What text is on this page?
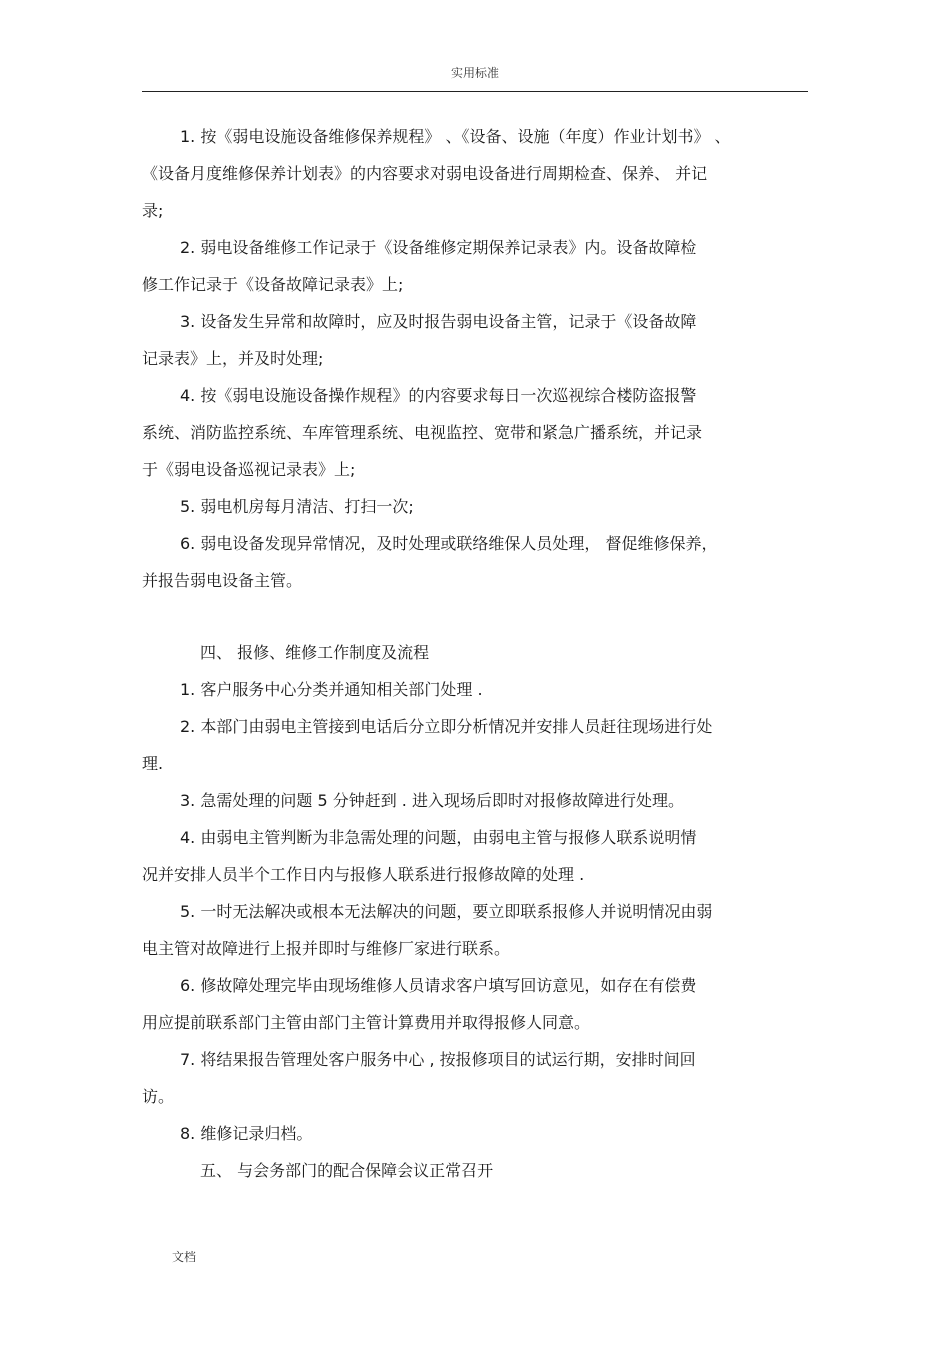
实用标准
1. 按《弱电设施设备维修保养规程》 、《设备、设施（年度）作业计划书》 、
《设备月度维修保养计划表》的内容要求对弱电设备进行周期检查、保养、 并记
录;
2. 弱电设备维修工作记录于《设备维修定期保养记录表》内。设备故障检
修工作记录于《设备故障记录表》上;
3. 设备发生异常和故障时，应及时报告弱电设备主管，记录于《设备故障
记录表》上，并及时处理;
4. 按《弱电设施设备操作规程》的内容要求每日一次巡视综合楼防盗报警
系统、消防监控系统、车库管理系统、电视监控、宽带和紧急广播系统，并记录
于《弱电设备巡视记录表》上;
5. 弱电机房每月清洁、打扫一次;
6. 弱电设备发现异常情况，及时处理或联络维保人员处理， 督促维修保养，
并报告弱电设备主管。
四、 报修、维修工作制度及流程
1. 客户服务中心分类并通知相关部门处理 .
2. 本部门由弱电主管接到电话后分立即分析情况并安排人员赶往现场进行处
理.
3. 急需处理的问题 5 分钟赶到 . 进入现场后即时对报修故障进行处理。
4. 由弱电主管判断为非急需处理的问题，由弱电主管与报修人联系说明情
况并安排人员半个工作日内与报修人联系进行报修故障的处理 .
5. 一时无法解决或根本无法解决的问题，要立即联系报修人并说明情况由弱
电主管对故障进行上报并即时与维修厂家进行联系。
6. 修故障处理完毕由现场维修人员请求客户填写回访意见，如存在有偿费
用应提前联系部门主管由部门主管计算费用并取得报修人同意。
7. 将结果报告管理处客户服务中心 , 按报修项目的试运行期，安排时间回
访。
8. 维修记录归档。
五、 与会务部门的配合保障会议正常召开
文档
